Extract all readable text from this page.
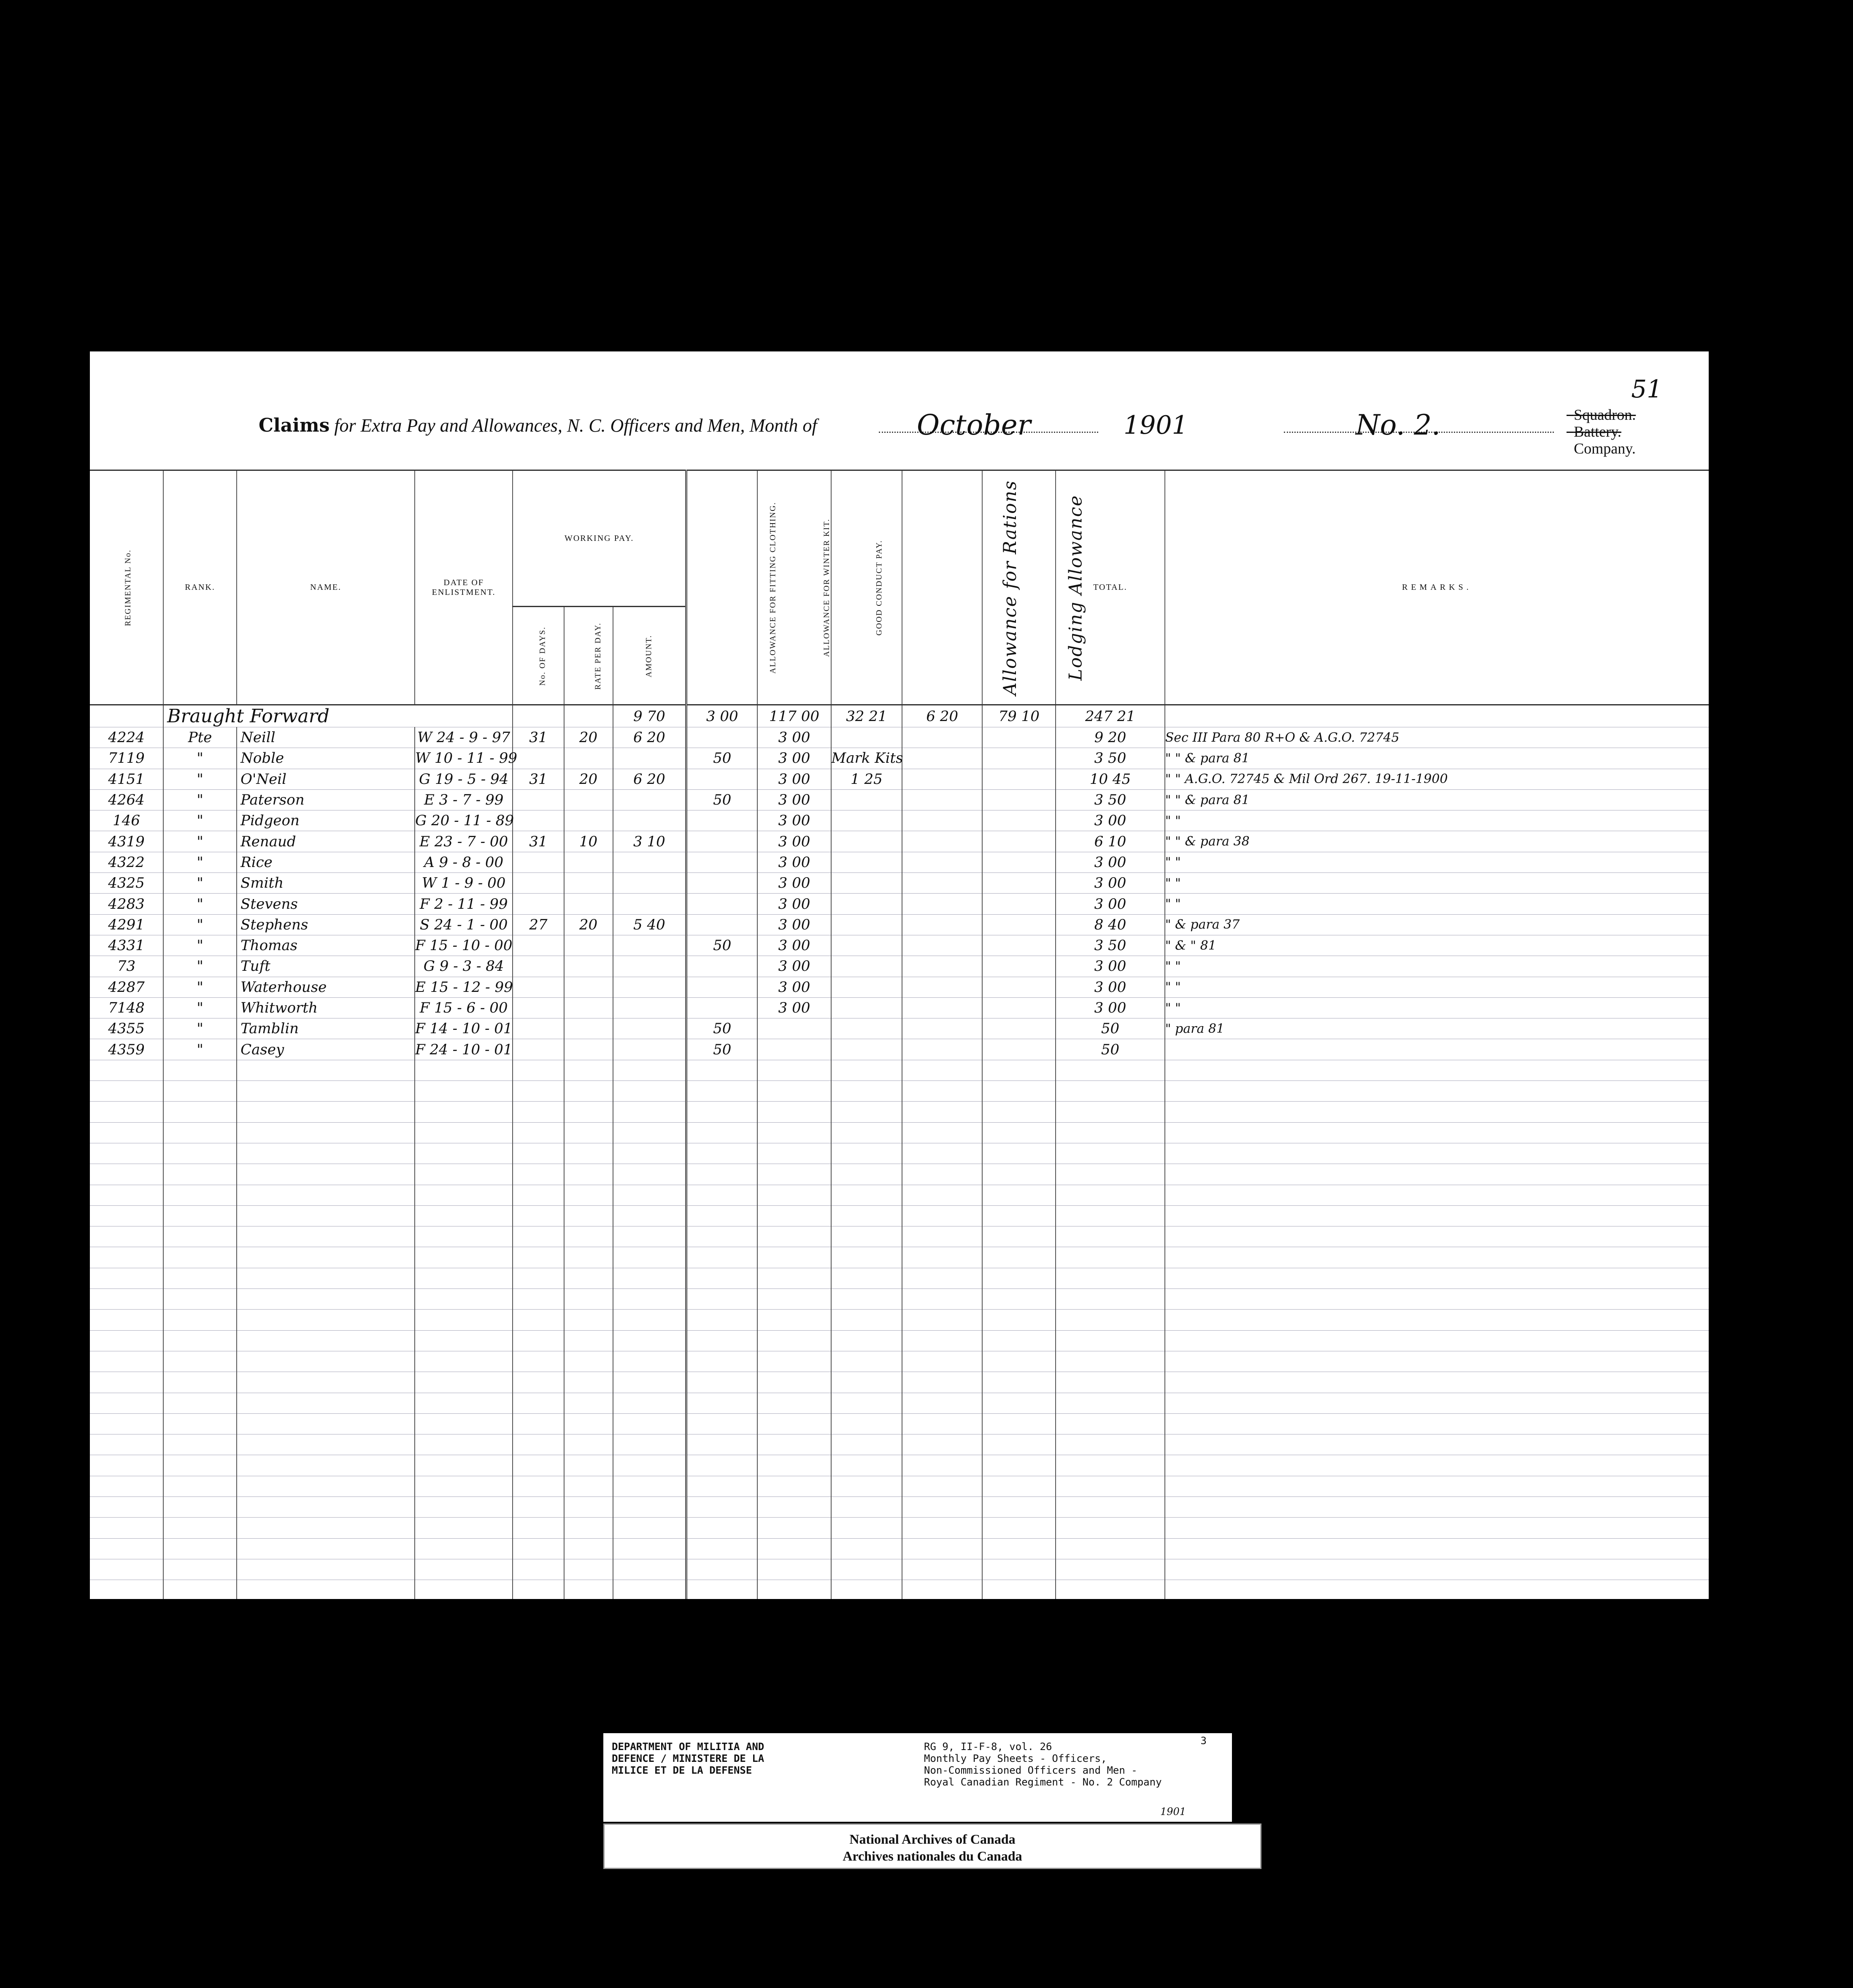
51
Claims for Extra Pay and Allowances, N. C. Officers and Men, Month of	October	1901	No. 2.	{ Squadron.
{ Battery.
{ Company.
REGIMENTAL No.	RANK.	NAME.	DATE OF ENLISTMENT.	WORKING PAY.			ALLOWANCE FOR FITTING CLOTHING.	ALLOWANCE FOR WINTER KIT.	GOOD CONDUCT PAY.	Allowance for Rations	Lodging Allowance	TOTAL.	REMARKS.
				No. OF DAYS.	RATE PER DAY.	AMOUNT.							
	Braught Forward					9 70	3 00	117 00	32 21	6 20	79 10	247 21	
4224	Pte	Neill	W 24 - 9 - 97	31	20	6 20		3 00				9 20	Sec III Para 80 R+O & A.G.O. 72745
7119	"	Noble	W 10 - 11 - 99				50	3 00	Mark Kits			3 50	" " & para 81
4151	"	O'Neil	G 19 - 5 - 94	31	20	6 20		3 00	1 25			10 45	" " A.G.O. 72745 & Mil Ord 267. 19-11-1900
4264	"	Paterson	E 3 - 7 - 99				50	3 00				3 50	" " & para 81
146	"	Pidgeon	G 20 - 11 - 89					3 00				3 00	" "
4319	"	Renaud	E 23 - 7 - 00	31	10	3 10		3 00				6 10	" " & para 38
4322	"	Rice	A 9 - 8 - 00					3 00				3 00	" "
4325	"	Smith	W 1 - 9 - 00					3 00				3 00	" "
4283	"	Stevens	F 2 - 11 - 99					3 00				3 00	" "
4291	"	Stephens	S 24 - 1 - 00	27	20	5 40		3 00				8 40	" & para 37
4331	"	Thomas	F 15 - 10 - 00				50	3 00				3 50	" & " 81
73	"	Tuft	G 9 - 3 - 84					3 00				3 00	" "
4287	"	Waterhouse	E 15 - 12 - 99					3 00				3 00	" "
7148	"	Whitworth	F 15 - 6 - 00					3 00				3 00	" "
4355	"	Tamblin	F 14 - 10 - 01				50					50	" para 81
4359	"	Casey	F 24 - 10 - 01				50					50	

DEPARTMENT OF MILITIA AND
DEFENCE / MINISTERE DE LA
MILICE ET DE LA DEFENSE
RG 9, II-F-8, vol. 26
Monthly Pay Sheets - Officers,
Non-Commissioned Officers and Men -
Royal Canadian Regiment - No. 2 Company
3
1901
National Archives of Canada
Archives nationales du Canada
